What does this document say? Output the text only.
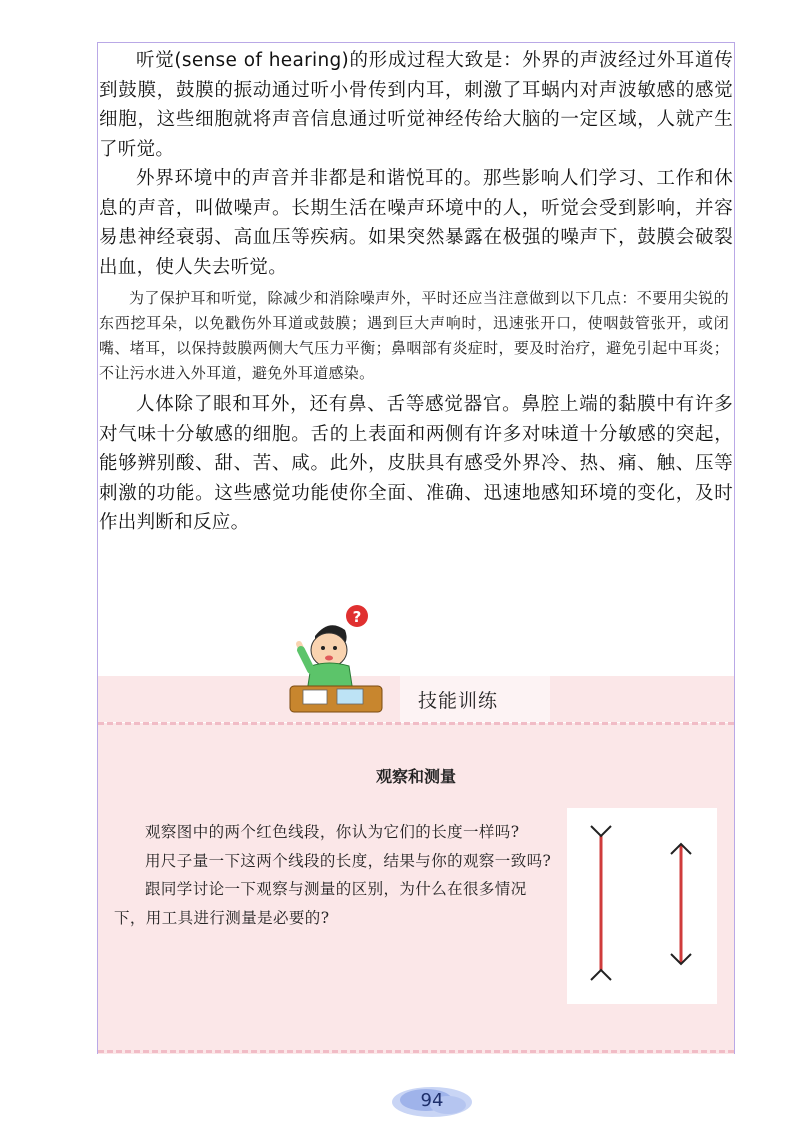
听觉(sense of hearing)的形成过程大致是：外界的声波经过外耳道传到鼓膜，鼓膜的振动通过听小骨传到内耳，刺激了耳蜗内对声波敏感的感觉细胞，这些细胞就将声音信息通过听觉神经传给大脑的一定区域，人就产生了听觉。

外界环境中的声音并非都是和谐悦耳的。那些影响人们学习、工作和休息的声音，叫做噪声。长期生活在噪声环境中的人，听觉会受到影响，并容易患神经衰弱、高血压等疾病。如果突然暴露在极强的噪声下，鼓膜会破裂出血，使人失去听觉。

为了保护耳和听觉，除减少和消除噪声外，平时还应当注意做到以下几点：不要用尖锐的东西挖耳朵，以免戳伤外耳道或鼓膜；遇到巨大声响时，迅速张开口，使咽鼓管张开，或闭嘴、堵耳，以保持鼓膜两侧大气压力平衡；鼻咽部有炎症时，要及时治疗，避免引起中耳炎；不让污水进入外耳道，避免外耳道感染。

人体除了眼和耳外，还有鼻、舌等感觉器官。鼻腔上端的黏膜中有许多对气味十分敏感的细胞。舌的上表面和两侧有许多对味道十分敏感的突起，能够辨别酸、甜、苦、咸。此外，皮肤具有感受外界冷、热、痛、触、压等刺激的功能。这些感觉功能使你全面、准确、迅速地感知环境的变化，及时作出判断和反应。

?
技能训练
观察和测量

观察图中的两个红色线段，你认为它们的长度一样吗?

用尺子量一下这两个线段的长度，结果与你的观察一致吗?

跟同学讨论一下观察与测量的区别，为什么在很多情况下，用工具进行测量是必要的?

94
